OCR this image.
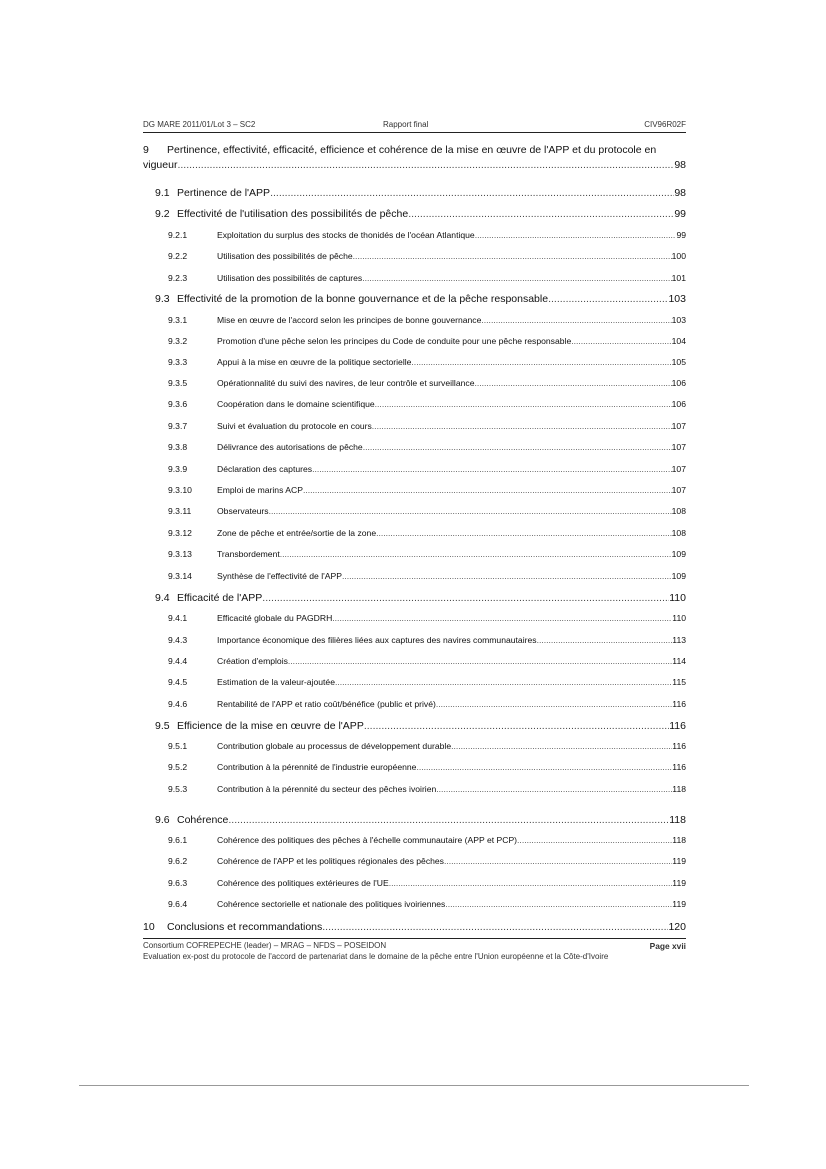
DG MARE 2011/01/Lot 3 – SC2	Rapport final	CIV96R02F
9	Pertinence, effectivité, efficacité, efficience et cohérence de la mise en œuvre de l'APP et du protocole en
vigueur .....	98
9.1 Pertinence de l'APP .....	98
9.2 Effectivité de l'utilisation des possibilités de pêche .....	99
9.2.1	Exploitation du surplus des stocks de thonidés de l'océan Atlantique .....	99
9.2.2	Utilisation des possibilités de pêche .....	100
9.2.3	Utilisation des possibilités de captures .....	101
9.3 Effectivité de la promotion de la bonne gouvernance et de la pêche responsable .....	103
9.3.1	Mise en œuvre de l'accord selon les principes de bonne gouvernance .....	103
9.3.2	Promotion d'une pêche selon les principes du Code de conduite pour une pêche responsable .....	104
9.3.3	Appui à la mise en œuvre de la politique sectorielle .....	105
9.3.5	Opérationnalité du suivi des navires, de leur contrôle et surveillance .....	106
9.3.6	Coopération dans le domaine scientifique .....	106
9.3.7	Suivi et évaluation du protocole en cours .....	107
9.3.8	Délivrance des autorisations de pêche .....	107
9.3.9	Déclaration des captures .....	107
9.3.10	Emploi de marins ACP .....	107
9.3.11	Observateurs .....	108
9.3.12	Zone de pêche et entrée/sortie de la zone .....	108
9.3.13	Transbordement .....	109
9.3.14	Synthèse de l'effectivité de l'APP .....	109
9.4 Efficacité de l'APP .....	110
9.4.1	Efficacité globale du PAGDRH .....	110
9.4.3	Importance économique des filières liées aux captures des navires communautaires .....	113
9.4.4	Création d'emplois .....	114
9.4.5	Estimation de la valeur-ajoutée .....	115
9.4.6	Rentabilité de l'APP et ratio coût/bénéfice (public et privé) .....	116
9.5 Efficience de la mise en œuvre de l'APP .....	116
9.5.1	Contribution globale au processus de développement durable .....	116
9.5.2	Contribution à la pérennité de l'industrie européenne .....	116
9.5.3	Contribution à la pérennité du secteur des pêches ivoirien .....	118
9.6 Cohérence .....	118
9.6.1	Cohérence des politiques des pêches à l'échelle communautaire (APP et PCP) .....	118
9.6.2	Cohérence de l'APP et les politiques régionales des pêches .....	119
9.6.3	Cohérence des politiques extérieures de l'UE .....	119
9.6.4	Cohérence sectorielle et nationale des politiques ivoiriennes .....	119
10	Conclusions et recommandations .....	120
Consortium COFREPECHE (leader) – MRAG – NFDS – POSEIDON	Page xvii
Evaluation ex-post du protocole de l'accord de partenariat dans le domaine de la pêche entre l'Union européenne et la Côte-d'Ivoire
